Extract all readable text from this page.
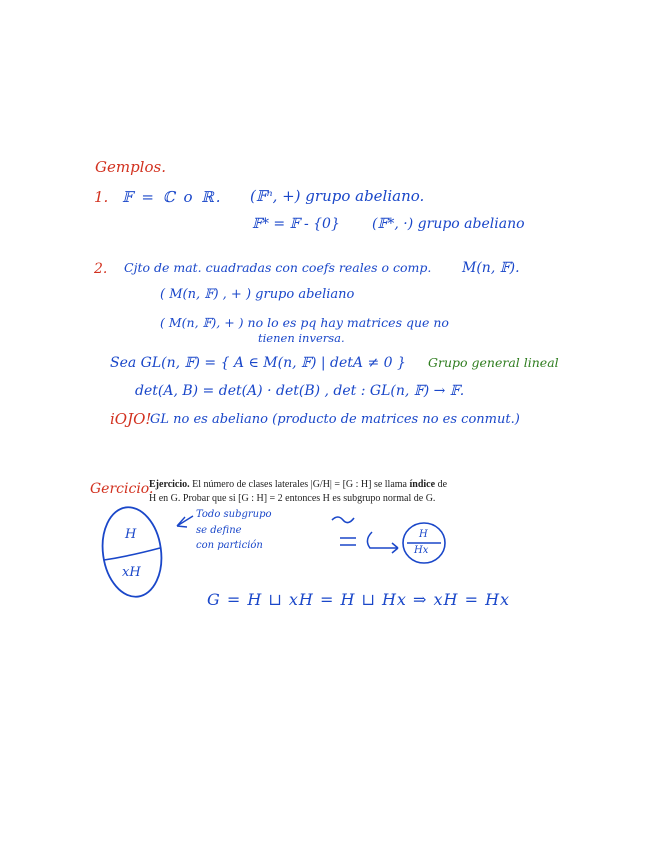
Gemplos.
1. 𝔽 = ℂ o ℝ. (𝔽ⁿ, +) grupo abeliano.
𝔽* = 𝔽 - {0} (𝔽*, ·) grupo abeliano
2. Cjto de mat. cuadradas con coefs reales o comp. M(n, 𝔽).
( M(n, 𝔽) , + ) grupo abeliano
( M(n, 𝔽), + ) no lo es pq hay matrices que no
tienen inversa.
Sea GL(n, 𝔽) = { A ∈ M(n, 𝔽) | detA ≠ 0 } Grupo general lineal
det(A, B) = det(A) · det(B) , det : GL(n, 𝔽) → 𝔽.
iOJO!
GL no es abeliano (producto de matrices no es conmut.)
Gercicio.
Ejercicio. El número de clases laterales |G/H| = [G : H] se llama índice de
H en G. Probar que si [G : H] = 2 entonces H es subgrupo normal de G.
H
xH
Todo subgrupo
se define
con partición
H
Hx
G = H ⊔ xH = H ⊔ Hx ⇒ xH = Hx
